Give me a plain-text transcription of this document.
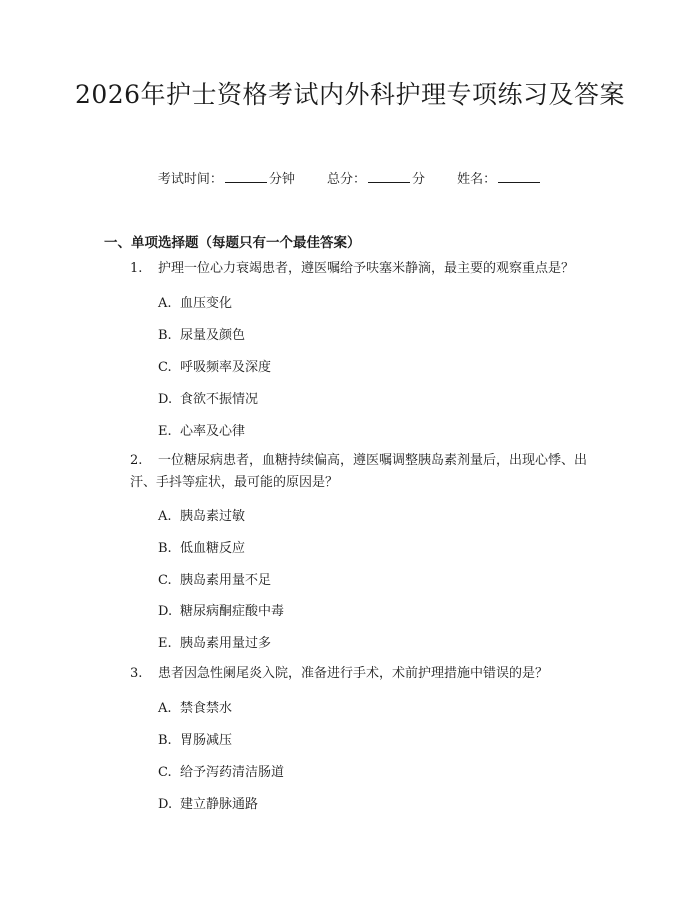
2026年护士资格考试内外科护理专项练习及答案
考试时间：	分钟 总分：	分 姓名：
一、单项选择题（每题只有一个最佳答案）
1. 护理一位心力衰竭患者，遵医嘱给予呋塞米静滴，最主要的观察重点是？
A. 血压变化
B. 尿量及颜色
C. 呼吸频率及深度
D. 食欲不振情况
E. 心率及心律
2. 一位糖尿病患者，血糖持续偏高，遵医嘱调整胰岛素剂量后，出现心悸、出汗、手抖等症状，最可能的原因是？
A. 胰岛素过敏
B. 低血糖反应
C. 胰岛素用量不足
D. 糖尿病酮症酸中毒
E. 胰岛素用量过多
3. 患者因急性阑尾炎入院，准备进行手术，术前护理措施中错误的是？
A. 禁食禁水
B. 胃肠减压
C. 给予泻药清洁肠道
D. 建立静脉通路
